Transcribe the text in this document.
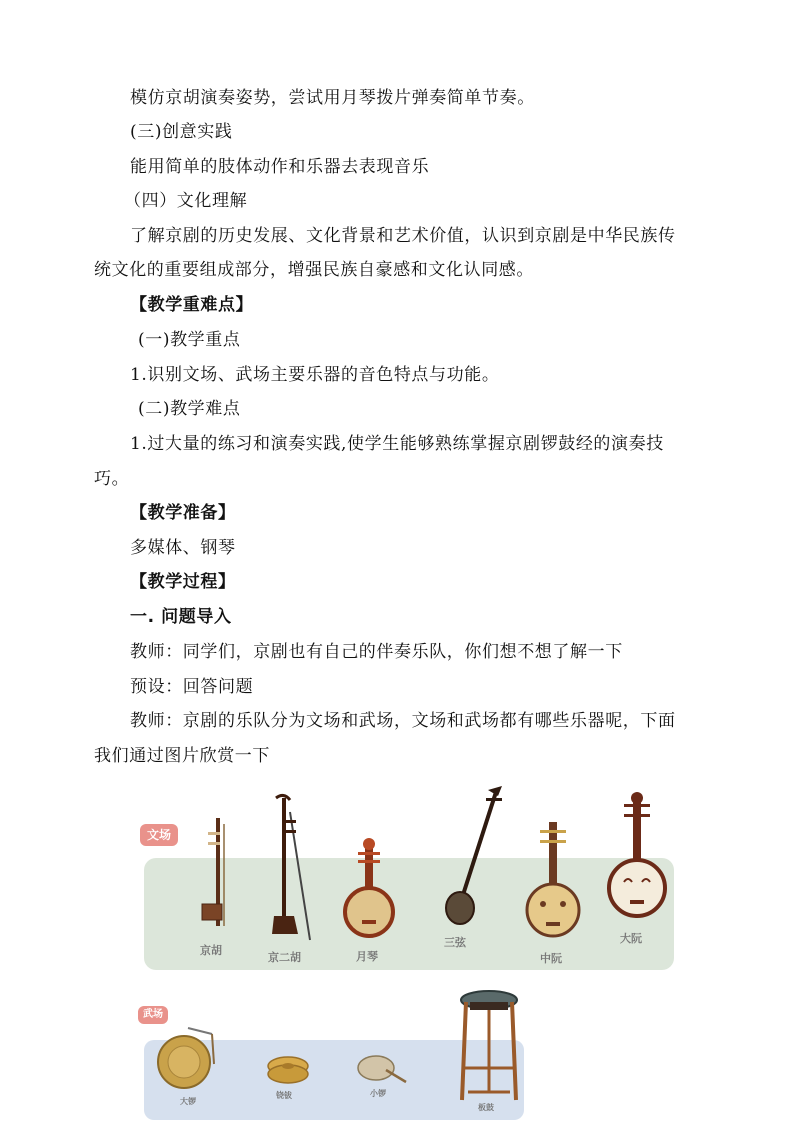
模仿京胡演奏姿势，尝试用月琴拨片弹奏简单节奏。
(三)创意实践
能用简单的肢体动作和乐器去表现音乐
（四）文化理解
了解京剧的历史发展、文化背景和艺术价值，认识到京剧是中华民族传
统文化的重要组成部分，增强民族自豪感和文化认同感。
【教学重难点】
(一)教学重点
1.识别文场、武场主要乐器的音色特点与功能。
(二)教学难点
1.过大量的练习和演奏实践,使学生能够熟练掌握京剧锣鼓经的演奏技
巧。
【教学准备】
多媒体、钢琴
【教学过程】
一. 问题导入
教师：同学们，京剧也有自己的伴奏乐队，你们想不想了解一下
预设：回答问题
教师：京剧的乐队分为文场和武场，文场和武场都有哪些乐器呢，下面
我们通过图片欣赏一下
文场
武场
京胡
京二胡	月琴
三弦
中阮
大阮
大锣
铙钹	小锣
板鼓
